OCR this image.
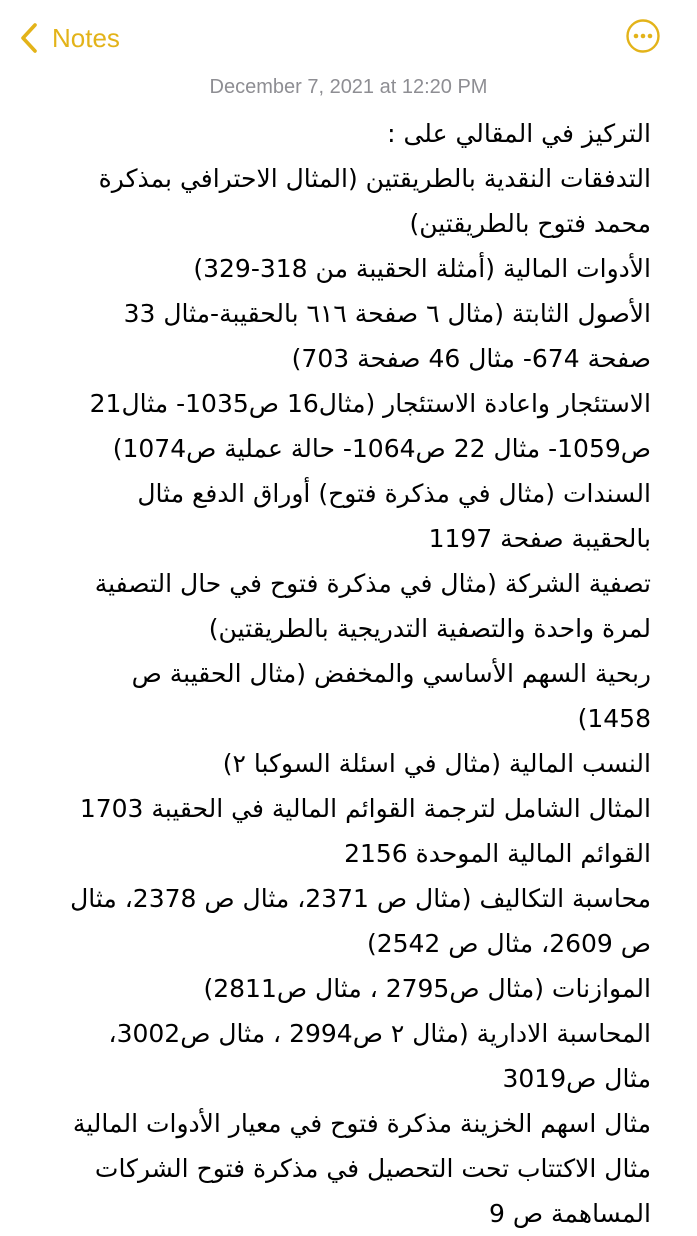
Notes
December 7, 2021 at 12:20 PM
التركيز في المقالي على :
التدفقات النقدية بالطريقتين (المثال الاحترافي بمذكرة
محمد فتوح بالطريقتين)
الأدوات المالية (أمثلة الحقيبة من 318-329)
الأصول الثابتة (مثال ٦ صفحة ٦١٦ بالحقيبة-مثال 33
صفحة 674- مثال 46 صفحة 703)
الاستئجار واعادة الاستئجار (مثال16 ص1035- مثال21
ص1059- مثال 22 ص1064- حالة عملية ص1074)
السندات (مثال في مذكرة فتوح) أوراق الدفع مثال
بالحقيبة صفحة 1197
تصفية الشركة (مثال في مذكرة فتوح في حال التصفية
لمرة واحدة والتصفية التدريجية بالطريقتين)
ربحية السهم الأساسي والمخفض (مثال الحقيبة ص
1458)
النسب المالية (مثال في اسئلة السوكبا ٢)
المثال الشامل لترجمة القوائم المالية في الحقيبة 1703
القوائم المالية الموحدة 2156
محاسبة التكاليف (مثال ص 2371، مثال ص 2378، مثال
ص 2609، مثال ص 2542)
الموازنات (مثال ص2795 ، مثال ص2811)
المحاسبة الادارية (مثال ٢ ص2994 ، مثال ص3002،
مثال ص3019
مثال اسهم الخزينة مذكرة فتوح في معيار الأدوات المالية
مثال الاكتتاب تحت التحصيل في مذكرة فتوح الشركات
المساهمة ص 9
